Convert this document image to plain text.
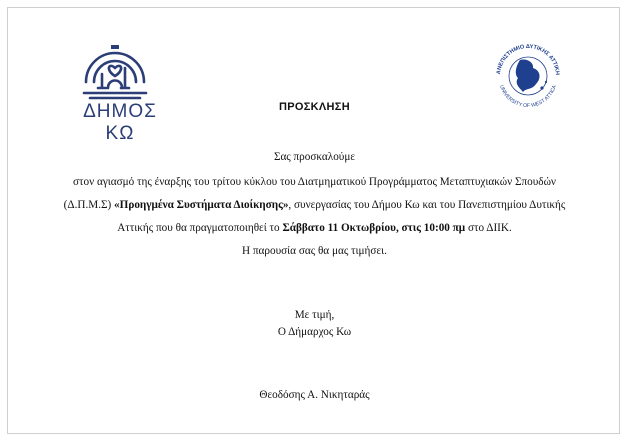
ΔΗΜΟΣ ΚΩ
ΑΝΕΠΙΣΤΗΜΙΟ ΔΥΤΙΚΗΣ ΑΤΤΙΚΗ
UNIVERSITY OF WEST ATTICA
ΠΡΟΣΚΛΗΣΗ
Σας προσκαλούμε
στον αγιασμό της έναρξης του τρίτου κύκλου του Διατμηματικού Προγράμματος Μεταπτυχιακών Σπουδών
(Δ.Π.Μ.Σ) «Προηγμένα Συστήματα Διοίκησης», συνεργασίας του Δήμου Κω και του Πανεπιστημίου Δυτικής
Αττικής που θα πραγματοποιηθεί το Σάββατο 11 Οκτωβρίου, στις 10:00 πμ στο ΔΙΙΚ.
Η παρουσία σας θα μας τιμήσει.
Με τιμή,
Ο Δήμαρχος Κω
Θεοδόσης Α. Νικηταράς
